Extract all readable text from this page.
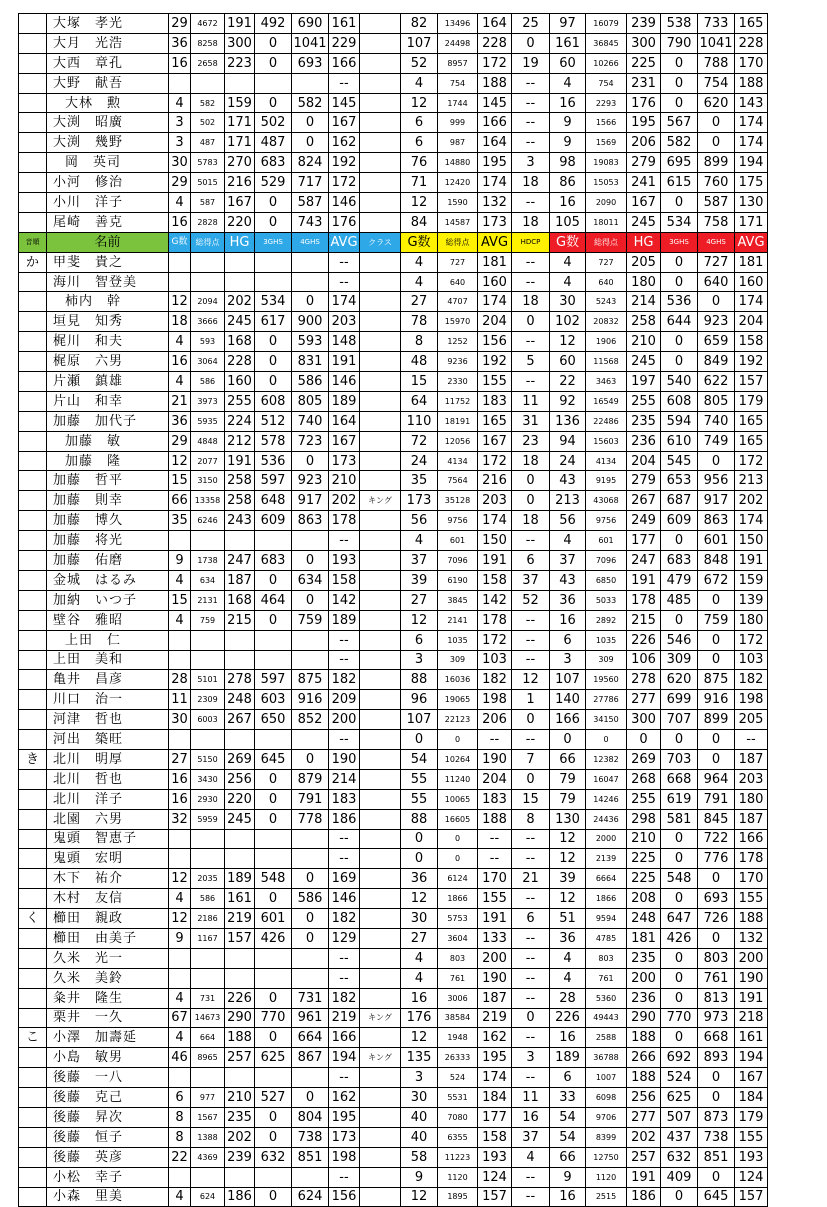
	大塚　孝光	29	4672	191	492	690	161		82	13496	164	25	97	16079	239	538	733	165
	大月　光浩	36	8258	300	0	1041	229		107	24498	228	0	161	36845	300	790	1041	228
	大西　章孔	16	2658	223	0	693	166		52	8957	172	19	60	10266	225	0	788	170
	大野　献吾						--		4	754	188	--	4	754	231	0	754	188
	大林　勲	4	582	159	0	582	145		12	1744	145	--	16	2293	176	0	620	143
	大渕　昭廣	3	502	171	502	0	167		6	999	166	--	9	1566	195	567	0	174
	大渕　幾野	3	487	171	487	0	162		6	987	164	--	9	1569	206	582	0	174
	岡　英司	30	5783	270	683	824	192		76	14880	195	3	98	19083	279	695	899	194
	小河　修治	29	5015	216	529	717	172		71	12420	174	18	86	15053	241	615	760	175
	小川　洋子	4	587	167	0	587	146		12	1590	132	--	16	2090	167	0	587	130
	尾崎　善克	16	2828	220	0	743	176		84	14587	173	18	105	18011	245	534	758	171
音順	名前	G数	総得点	HG	3GHS	4GHS	AVG	クラス	G数	総得点	AVG	HDCP	G数	総得点	HG	3GHS	4GHS	AVG
か	甲斐　貴之						--		4	727	181	--	4	727	205	0	727	181
	海川　智登美						--		4	640	160	--	4	640	180	0	640	160
	柿内　幹	12	2094	202	534	0	174		27	4707	174	18	30	5243	214	536	0	174
	垣見　知秀	18	3666	245	617	900	203		78	15970	204	0	102	20832	258	644	923	204
	梶川　和夫	4	593	168	0	593	148		8	1252	156	--	12	1906	210	0	659	158
	梶原　六男	16	3064	228	0	831	191		48	9236	192	5	60	11568	245	0	849	192
	片瀬　鎮雄	4	586	160	0	586	146		15	2330	155	--	22	3463	197	540	622	157
	片山　和幸	21	3973	255	608	805	189		64	11752	183	11	92	16549	255	608	805	179
	加藤　加代子	36	5935	224	512	740	164		110	18191	165	31	136	22486	235	594	740	165
	加藤　敏	29	4848	212	578	723	167		72	12056	167	23	94	15603	236	610	749	165
	加藤　隆	12	2077	191	536	0	173		24	4134	172	18	24	4134	204	545	0	172
	加藤　哲平	15	3150	258	597	923	210		35	7564	216	0	43	9195	279	653	956	213
	加藤　則幸	66	13358	258	648	917	202	キング	173	35128	203	0	213	43068	267	687	917	202
	加藤　博久	35	6246	243	609	863	178		56	9756	174	18	56	9756	249	609	863	174
	加藤　将光						--		4	601	150	--	4	601	177	0	601	150
	加藤　佑磨	9	1738	247	683	0	193		37	7096	191	6	37	7096	247	683	848	191
	金城　はるみ	4	634	187	0	634	158		39	6190	158	37	43	6850	191	479	672	159
	加納　いつ子	15	2131	168	464	0	142		27	3845	142	52	36	5033	178	485	0	139
	壁谷　雅昭	4	759	215	0	759	189		12	2141	178	--	16	2892	215	0	759	180
	上田　仁						--		6	1035	172	--	6	1035	226	546	0	172
	上田　美和						--		3	309	103	--	3	309	106	309	0	103
	亀井　昌彦	28	5101	278	597	875	182		88	16036	182	12	107	19560	278	620	875	182
	川口　治一	11	2309	248	603	916	209		96	19065	198	1	140	27786	277	699	916	198
	河津　哲也	30	6003	267	650	852	200		107	22123	206	0	166	34150	300	707	899	205
	河出　築旺						--		0	0	--	--	0	0	0	0	0	--
き	北川　明厚	27	5150	269	645	0	190		54	10264	190	7	66	12382	269	703	0	187
	北川　哲也	16	3430	256	0	879	214		55	11240	204	0	79	16047	268	668	964	203
	北川　洋子	16	2930	220	0	791	183		55	10065	183	15	79	14246	255	619	791	180
	北園　六男	32	5959	245	0	778	186		88	16605	188	8	130	24436	298	581	845	187
	鬼頭　智恵子						--		0	0	--	--	12	2000	210	0	722	166
	鬼頭　宏明						--		0	0	--	--	12	2139	225	0	776	178
	木下　祐介	12	2035	189	548	0	169		36	6124	170	21	39	6664	225	548	0	170
	木村　友信	4	586	161	0	586	146		12	1866	155	--	12	1866	208	0	693	155
く	櫛田　親政	12	2186	219	601	0	182		30	5753	191	6	51	9594	248	647	726	188
	櫛田　由美子	9	1167	157	426	0	129		27	3604	133	--	36	4785	181	426	0	132
	久米　光一						--		4	803	200	--	4	803	235	0	803	200
	久米　美鈴						--		4	761	190	--	4	761	200	0	761	190
	粂井　隆生	4	731	226	0	731	182		16	3006	187	--	28	5360	236	0	813	191
	栗井　一久	67	14673	290	770	961	219	キング	176	38584	219	0	226	49443	290	770	973	218
こ	小澤　加壽延	4	664	188	0	664	166		12	1948	162	--	16	2588	188	0	668	161
	小島　敏男	46	8965	257	625	867	194	キング	135	26333	195	3	189	36788	266	692	893	194
	後藤　一八						--		3	524	174	--	6	1007	188	524	0	167
	後藤　克己	6	977	210	527	0	162		30	5531	184	11	33	6098	256	625	0	184
	後藤　昇次	8	1567	235	0	804	195		40	7080	177	16	54	9706	277	507	873	179
	後藤　恒子	8	1388	202	0	738	173		40	6355	158	37	54	8399	202	437	738	155
	後藤　英彦	22	4369	239	632	851	198		58	11223	193	4	66	12750	257	632	851	193
	小松　幸子						--		9	1120	124	--	9	1120	191	409	0	124
	小森　里美	4	624	186	0	624	156		12	1895	157	--	16	2515	186	0	645	157
